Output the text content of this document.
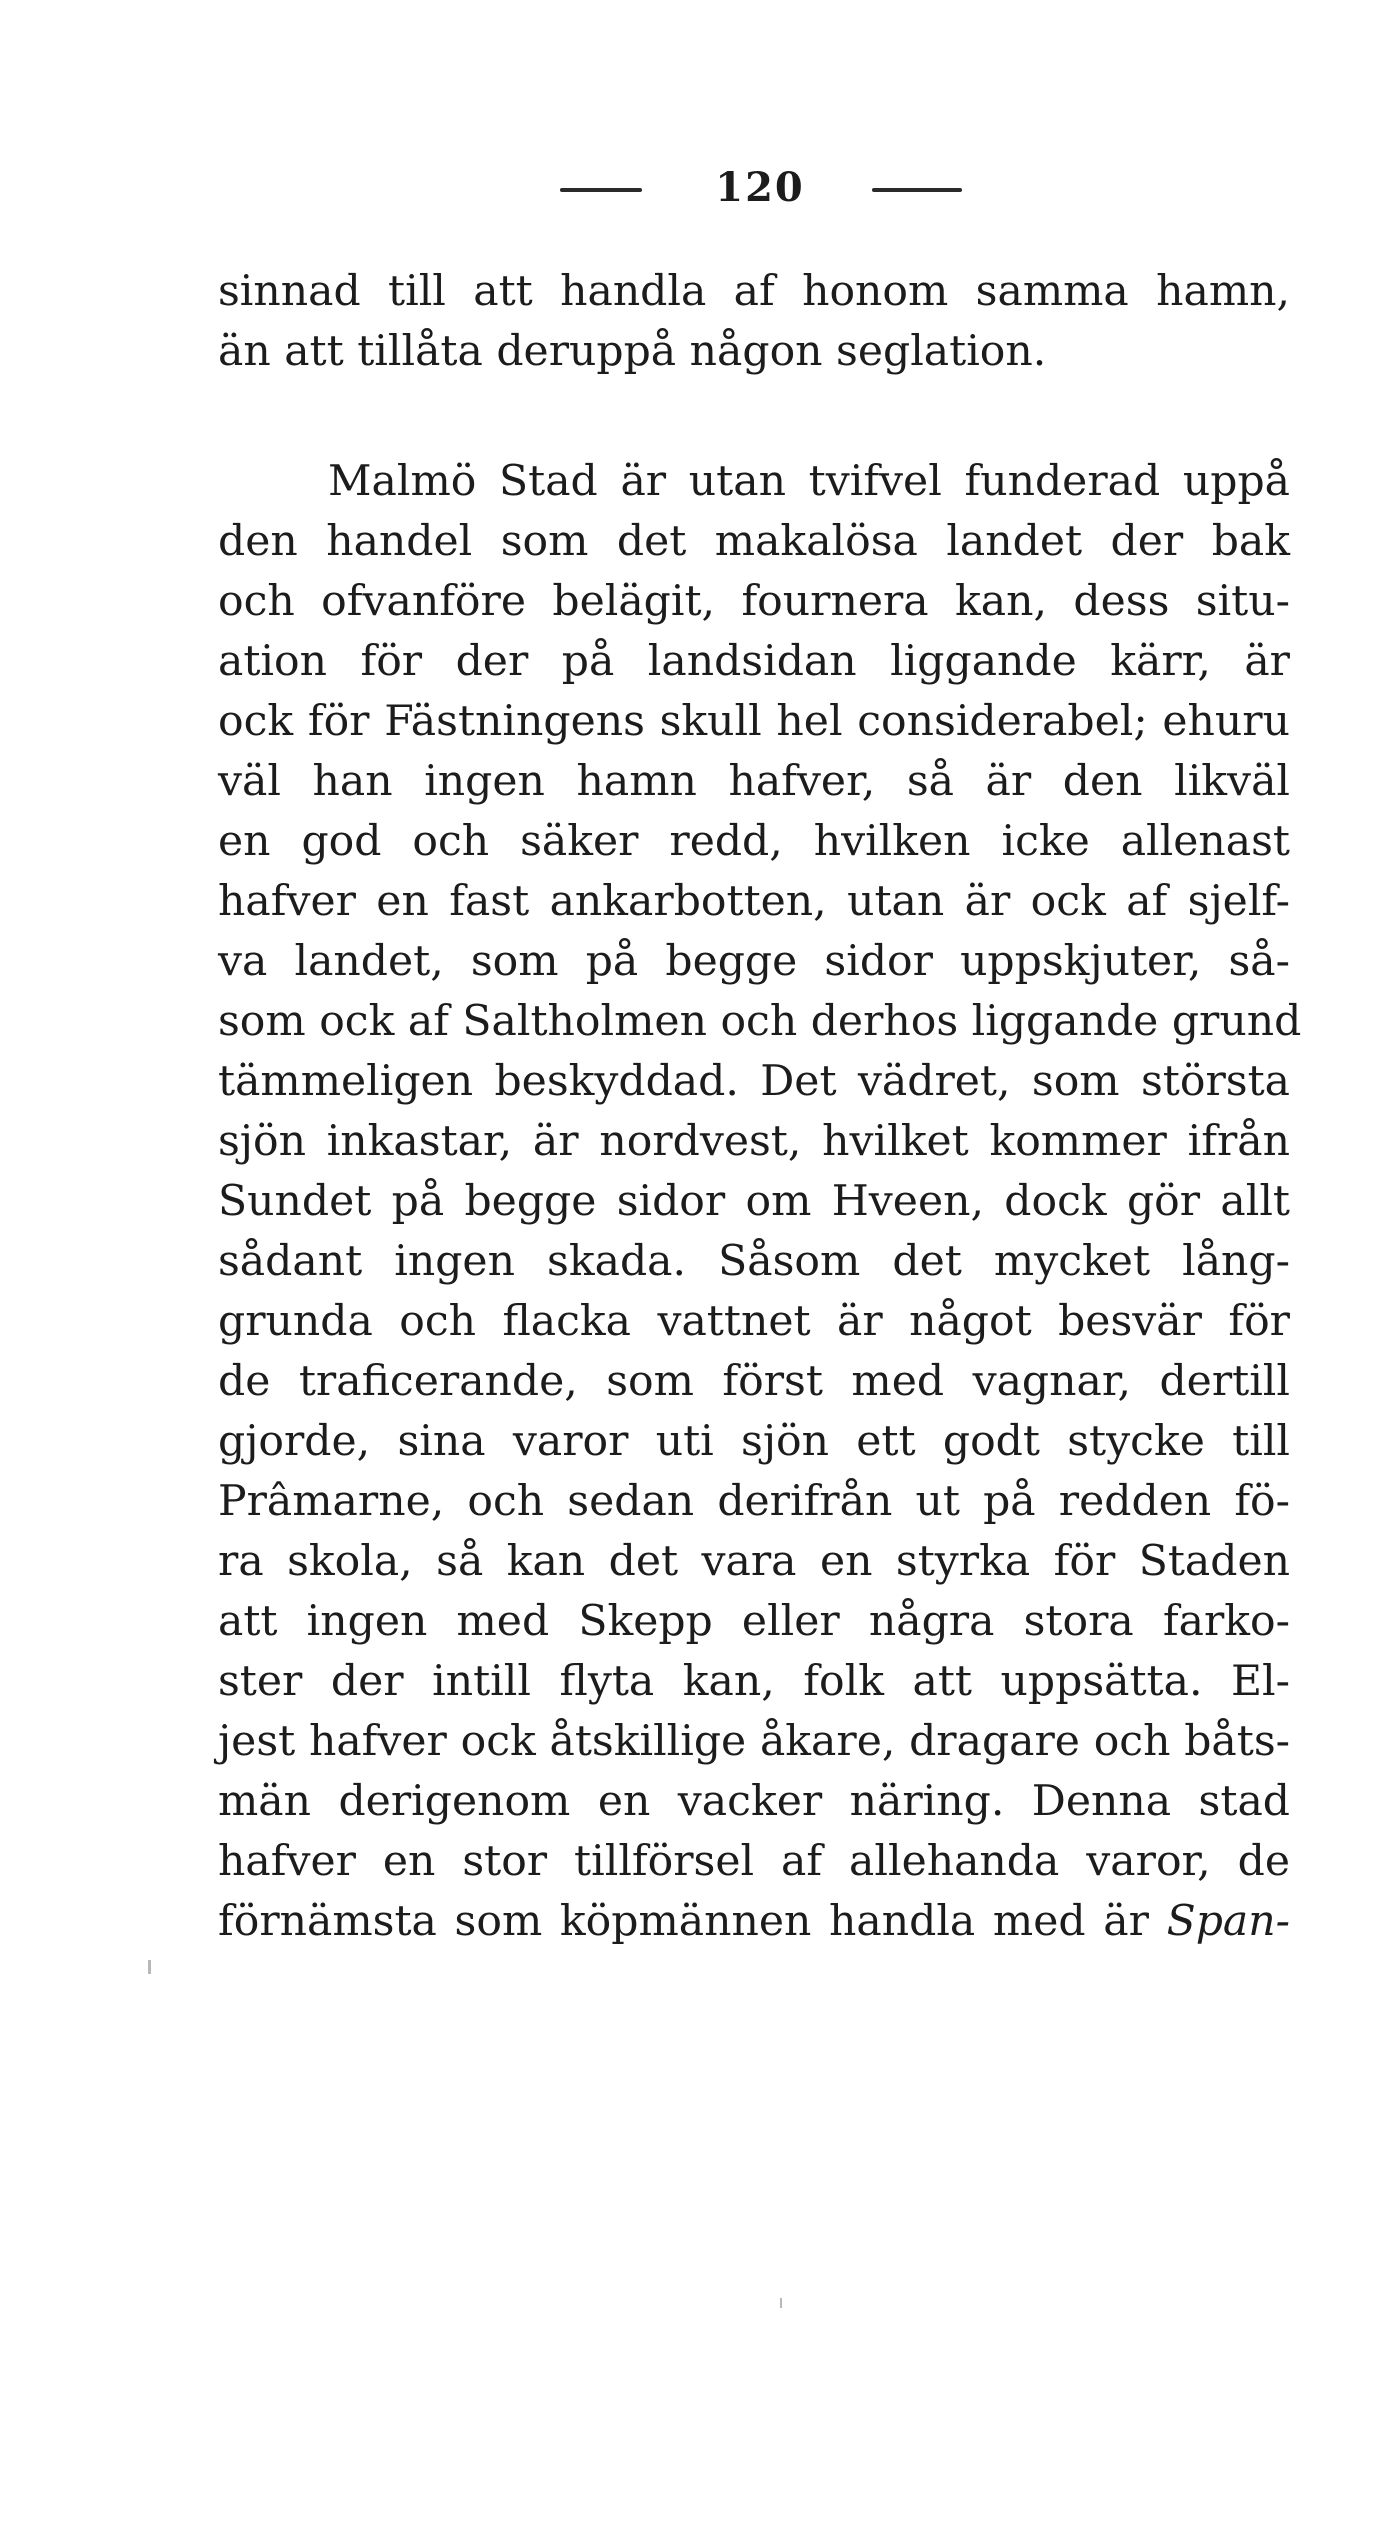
120
sinnad till att handla af honom samma hamn,
än att tillåta deruppå någon seglation.
Malmö Stad är utan tvifvel funderad uppå
den handel som det makalösa landet der bak
och ofvanföre belägit, fournera kan, dess situ-
ation för der på landsidan liggande kärr, är
ock för Fästningens skull hel considerabel; ehuru
väl han ingen hamn hafver, så är den likväl
en god och säker redd, hvilken icke allenast
hafver en fast ankarbotten, utan är ock af sjelf-
va landet, som på begge sidor uppskjuter, så-
som ock af Saltholmen och derhos liggande grund
tämmeligen beskyddad. Det vädret, som största
sjön inkastar, är nordvest, hvilket kommer ifrån
Sundet på begge sidor om Hveen, dock gör allt
sådant ingen skada. Såsom det mycket lång-
grunda och flacka vattnet är något besvär för
de traficerande, som först med vagnar, dertill
gjorde, sina varor uti sjön ett godt stycke till
Prâmarne, och sedan derifrån ut på redden fö-
ra skola, så kan det vara en styrka för Staden
att ingen med Skepp eller några stora farko-
ster der intill flyta kan, folk att uppsätta. El-
jest hafver ock åtskillige åkare, dragare och båts-
män derigenom en vacker näring. Denna stad
hafver en stor tillförsel af allehanda varor, de
förnämsta som köpmännen handla med är Span-
